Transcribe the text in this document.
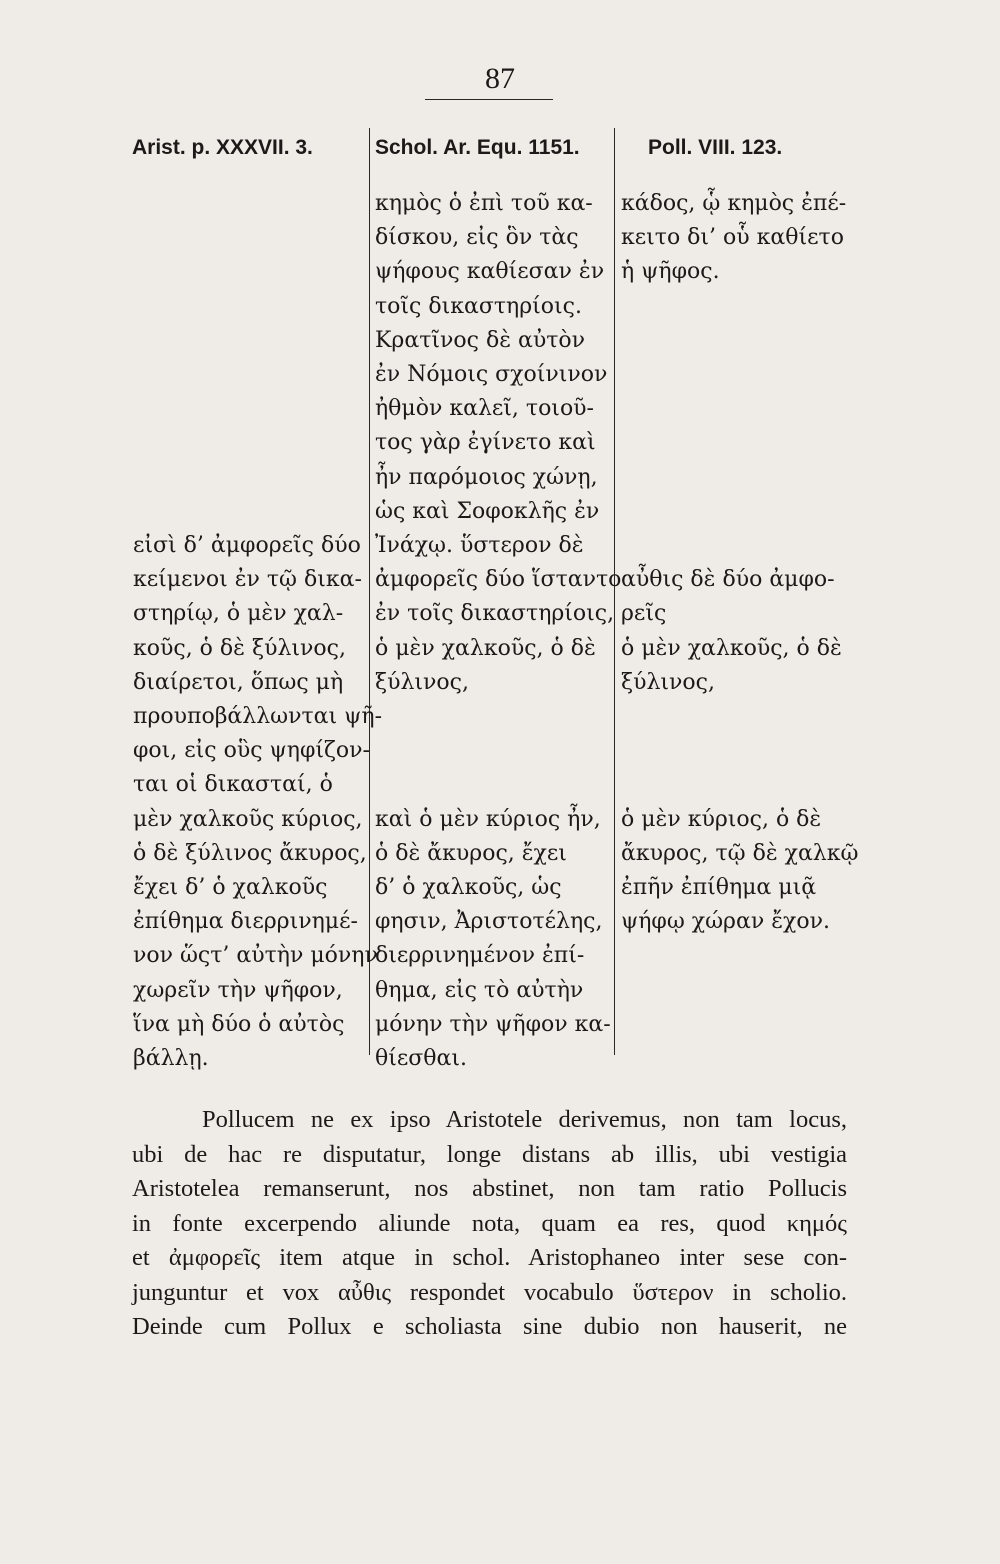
87
Arist. p. XXXVII. 3.	Schol. Ar. Equ. 1151.	Poll. VIII. 123.
εἰσὶ δ’ ἀμφορεῖς δύο
κείμενοι ἐν τῷ δικα-
στηρίῳ, ὁ μὲν χαλ-
κοῦς, ὁ δὲ ξύλινος,
διαίρετοι, ὅπως μὴ
προυποβάλλωνται ψῆ-
φοι, εἰς οὓς ψηφίζον-
ται οἱ δικασταί, ὁ
μὲν χαλκοῦς κύριος,
ὁ δὲ ξύλινος ἄκυρος,
ἔχει δ’ ὁ χαλκοῦς
ἐπίθημα διερρινημέ-
νον ὥςτ’ αὐτὴν μόνην
χωρεῖν τὴν ψῆφον,
ἵνα μὴ δύο ὁ αὐτὸς
βάλλῃ.
κημὸς ὁ ἐπὶ τοῦ κα-
δίσκου, εἰς ὃν τὰς
ψήφους καθίεσαν ἐν
τοῖς δικαστηρίοις.
Κρατῖνος δὲ αὐτὸν
ἐν Νόμοις σχοίνινον
ἠθμὸν καλεῖ, τοιοῦ-
τος γὰρ ἐγίνετο καὶ
ἦν παρόμοιος χώνῃ,
ὡς καὶ Σοφοκλῆς ἐν
Ἰνάχῳ. ὕστερον δὲ
ἀμφορεῖς δύο ἵσταντο
ἐν τοῖς δικαστηρίοις,
ὁ μὲν χαλκοῦς, ὁ δὲ
ξύλινος,
καὶ ὁ μὲν κύριος ἦν,
ὁ δὲ ἄκυρος, ἔχει
δ’ ὁ χαλκοῦς, ὡς
φησιν, Ἀριστοτέλης,
διερρινημένον ἐπί-
θημα, εἰς τὸ αὐτὴν
μόνην τὴν ψῆφον κα-
θίεσθαι.
κάδος, ᾧ κημὸς ἐπέ-
κειτο δι’ οὗ καθίετο
ἡ ψῆφος.
αὖθις δὲ δύο ἀμφο-
ρεῖς
ὁ μὲν χαλκοῦς, ὁ δὲ
ξύλινος,
ὁ μὲν κύριος, ὁ δὲ
ἄκυρος, τῷ δὲ χαλκῷ
ἐπῆν ἐπίθημα μιᾷ
ψήφῳ χώραν ἔχον.
Pollucem ne ex ipso Aristotele derivemus, non tam locus,
ubi de hac re disputatur, longe distans ab illis, ubi vestigia
Aristotelea remanserunt, nos abstinet, non tam ratio Pollucis
in fonte excerpendo aliunde nota, quam ea res, quod κημός
et ἀμφορεῖς item atque in schol. Aristophaneo inter sese con-
junguntur et vox αὖθις respondet vocabulo ὕστερον in scholio.
Deinde cum Pollux e scholiasta sine dubio non hauserit, ne
